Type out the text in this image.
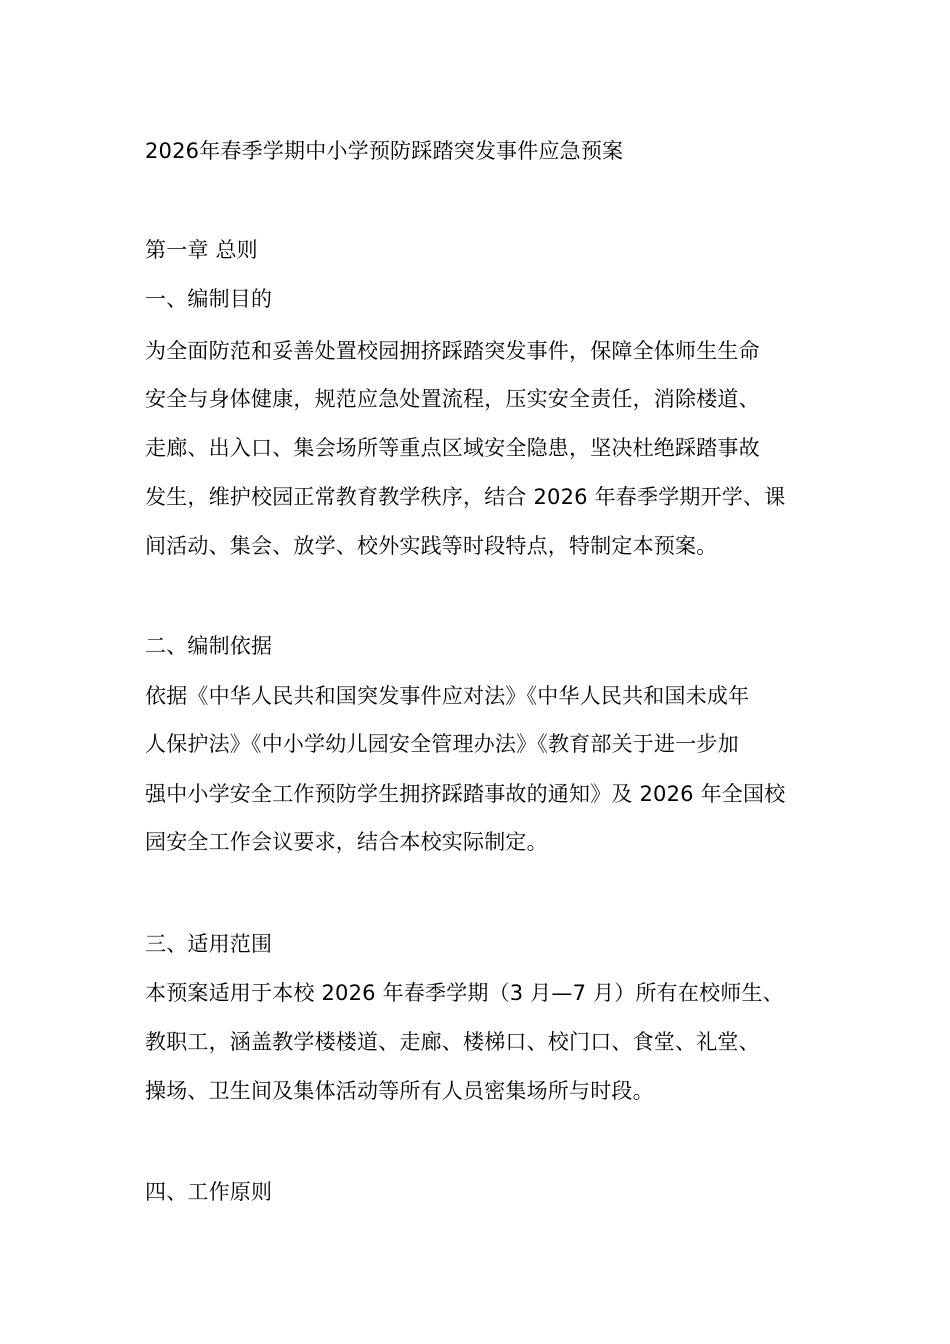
2026年春季学期中小学预防踩踏突发事件应急预案
第一章 总则
一、编制目的
为全面防范和妥善处置校园拥挤踩踏突发事件，保障全体师生生命
安全与身体健康，规范应急处置流程，压实安全责任，消除楼道、
走廊、出入口、集会场所等重点区域安全隐患，坚决杜绝踩踏事故
发生，维护校园正常教育教学秩序，结合 2026 年春季学期开学、课
间活动、集会、放学、校外实践等时段特点，特制定本预案。
二、编制依据
依据《中华人民共和国突发事件应对法》《中华人民共和国未成年
人保护法》《中小学幼儿园安全管理办法》《教育部关于进一步加
强中小学安全工作预防学生拥挤踩踏事故的通知》及 2026 年全国校
园安全工作会议要求，结合本校实际制定。
三、适用范围
本预案适用于本校 2026 年春季学期（3 月—7 月）所有在校师生、
教职工，涵盖教学楼楼道、走廊、楼梯口、校门口、食堂、礼堂、
操场、卫生间及集体活动等所有人员密集场所与时段。
四、工作原则
